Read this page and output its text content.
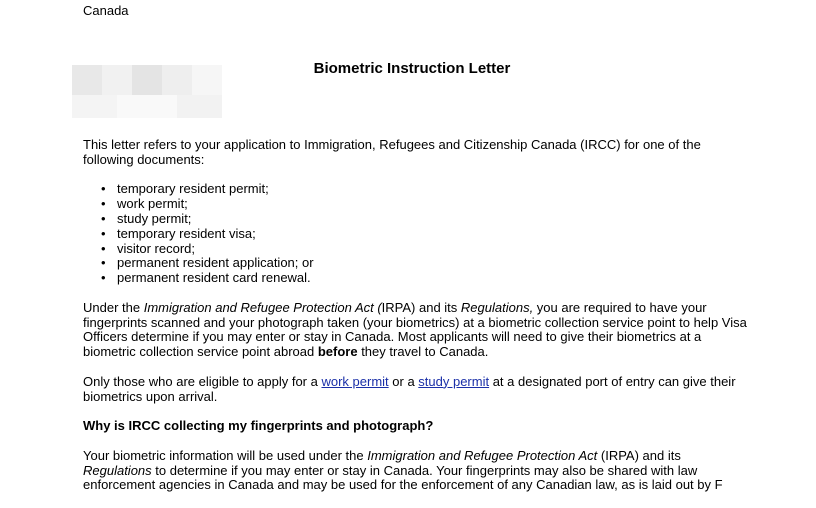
Canada
Biometric Instruction Letter

This letter refers to your application to Immigration, Refugees and Citizenship Canada (IRCC) for one of the following documents:

• temporary resident permit;
• work permit;
• study permit;
• temporary resident visa;
• visitor record;
• permanent resident application; or
• permanent resident card renewal.

Under the Immigration and Refugee Protection Act (IRPA) and its Regulations, you are required to have your fingerprints scanned and your photograph taken (your biometrics) at a biometric collection service point to help Visa Officers determine if you may enter or stay in Canada. Most applicants will need to give their biometrics at a biometric collection service point abroad before they travel to Canada.

Only those who are eligible to apply for a work permit or a study permit at a designated port of entry can give their biometrics upon arrival.

Why is IRCC collecting my fingerprints and photograph?

Your biometric information will be used under the Immigration and Refugee Protection Act (IRPA) and its Regulations to determine if you may enter or stay in Canada. Your fingerprints may also be shared with law enforcement agencies in Canada and may be used for the enforcement of any Canadian law, as is laid out by F
